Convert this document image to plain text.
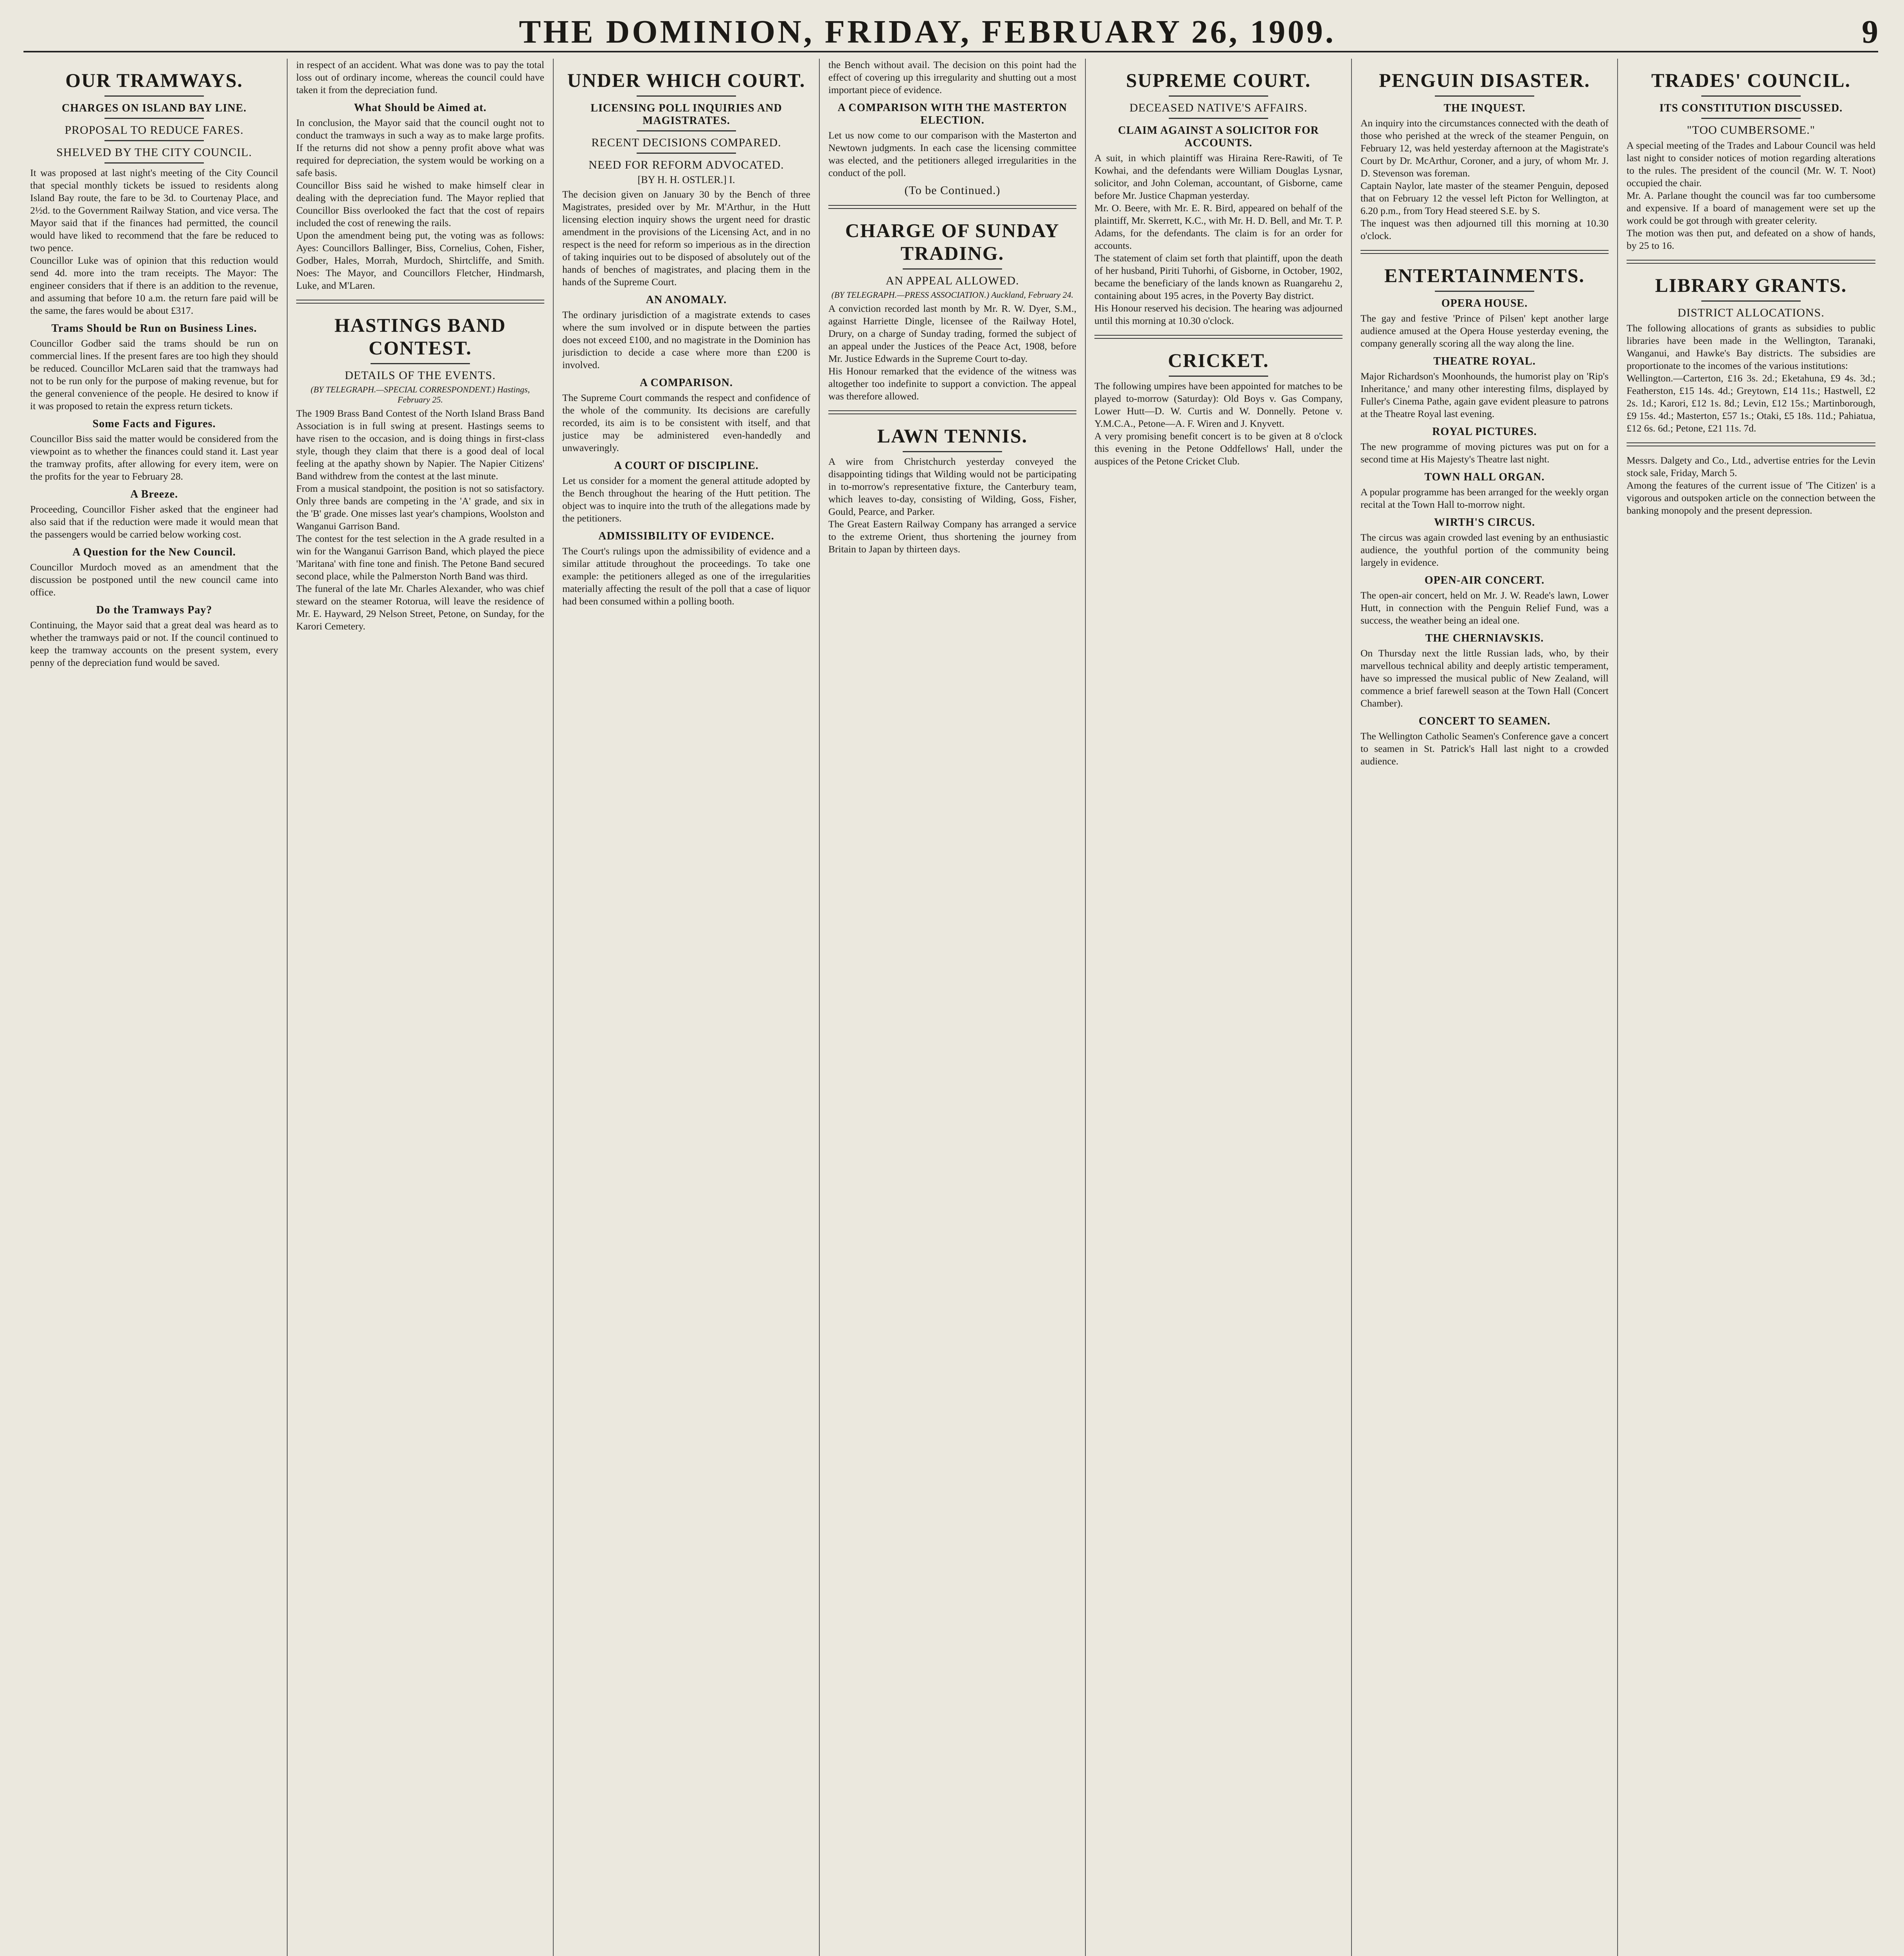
THE DOMINION, FRIDAY, FEBRUARY 26, 1909.	9
OUR TRAMWAYS.
CHARGES ON ISLAND BAY LINE.
PROPOSAL TO REDUCE FARES.
SHELVED BY THE CITY COUNCIL.

It was proposed at last night's meeting of the City Council that special monthly tickets be issued to residents along Island Bay route, the fare to be 3d. to Courtenay Place, and 2½d. to the Government Railway Station, and vice versa. The Mayor said that if the finances had permitted, the council would have liked to recommend that the fare be reduced to two pence.

Councillor Luke was of opinion that this reduction would send 4d. more into the tram receipts. The Mayor: The engineer considers that if there is an addition to the revenue, and assuming that before 10 a.m. the return fare paid will be the same, the fares would be about £317.

Trams Should be Run on Business Lines.

Councillor Godber said the trams should be run on commercial lines. If the present fares are too high they should be reduced. Councillor McLaren said that the tramways had not to be run only for the purpose of making revenue, but for the general convenience of the people. He desired to know if it was proposed to retain the express return tickets.

Some Facts and Figures.

Councillor Biss said the matter would be considered from the viewpoint as to whether the finances could stand it. Last year the tramway profits, after allowing for every item, were on the profits for the year to February 28.

A Breeze.

Proceeding, Councillor Fisher asked that the engineer had also said that if the reduction were made it would mean that the passengers would be carried below working cost.

A Question for the New Council.

Councillor Murdoch moved as an amendment that the discussion be postponed until the new council came into office.

Do the Tramways Pay?

Continuing, the Mayor said that a great deal was heard as to whether the tramways paid or not. If the council continued to keep the tramway accounts on the present system, every penny of the depreciation fund would be saved.

in respect of an accident. What was done was to pay the total loss out of ordinary income, whereas the council could have taken it from the depreciation fund.

What Should be Aimed at.

In conclusion, the Mayor said that the council ought not to conduct the tramways in such a way as to make large profits. If the returns did not show a penny profit above what was required for depreciation, the system would be working on a safe basis.

Councillor Biss said he wished to make himself clear in dealing with the depreciation fund. The Mayor replied that Councillor Biss overlooked the fact that the cost of repairs included the cost of renewing the rails.

Upon the amendment being put, the voting was as follows: Ayes: Councillors Ballinger, Biss, Cornelius, Cohen, Fisher, Godber, Hales, Morrah, Murdoch, Shirtcliffe, and Smith. Noes: The Mayor, and Councillors Fletcher, Hindmarsh, Luke, and M'Laren.

HASTINGS BAND CONTEST.
DETAILS OF THE EVENTS.
(BY TELEGRAPH.—SPECIAL CORRESPONDENT.) Hastings, February 25.

The 1909 Brass Band Contest of the North Island Brass Band Association is in full swing at present. Hastings seems to have risen to the occasion, and is doing things in first-class style, though they claim that there is a good deal of local feeling at the apathy shown by Napier. The Napier Citizens' Band withdrew from the contest at the last minute.

From a musical standpoint, the position is not so satisfactory. Only three bands are competing in the 'A' grade, and six in the 'B' grade. One misses last year's champions, Woolston and Wanganui Garrison Band.

The contest for the test selection in the A grade resulted in a win for the Wanganui Garrison Band, which played the piece 'Maritana' with fine tone and finish. The Petone Band secured second place, while the Palmerston North Band was third.

The funeral of the late Mr. Charles Alexander, who was chief steward on the steamer Rotorua, will leave the residence of Mr. E. Hayward, 29 Nelson Street, Petone, on Sunday, for the Karori Cemetery.

UNDER WHICH COURT.
LICENSING POLL INQUIRIES AND MAGISTRATES.
RECENT DECISIONS COMPARED.
NEED FOR REFORM ADVOCATED.
[BY H. H. OSTLER.] I.

The decision given on January 30 by the Bench of three Magistrates, presided over by Mr. M'Arthur, in the Hutt licensing election inquiry shows the urgent need for drastic amendment in the provisions of the Licensing Act, and in no respect is the need for reform so imperious as in the direction of taking inquiries out to be disposed of absolutely out of the hands of benches of magistrates, and placing them in the hands of the Supreme Court.

AN ANOMALY.

The ordinary jurisdiction of a magistrate extends to cases where the sum involved or in dispute between the parties does not exceed £100, and no magistrate in the Dominion has jurisdiction to decide a case where more than £200 is involved.

A COMPARISON.

The Supreme Court commands the respect and confidence of the whole of the community. Its decisions are carefully recorded, its aim is to be consistent with itself, and that justice may be administered even-handedly and unwaveringly.

A COURT OF DISCIPLINE.

Let us consider for a moment the general attitude adopted by the Bench throughout the hearing of the Hutt petition. The object was to inquire into the truth of the allegations made by the petitioners.

ADMISSIBILITY OF EVIDENCE.

The Court's rulings upon the admissibility of evidence and a similar attitude throughout the proceedings. To take one example: the petitioners alleged as one of the irregularities materially affecting the result of the poll that a case of liquor had been consumed within a polling booth.

the Bench without avail. The decision on this point had the effect of covering up this irregularity and shutting out a most important piece of evidence.

A COMPARISON WITH THE MASTERTON ELECTION.

Let us now come to our comparison with the Masterton and Newtown judgments. In each case the licensing committee was elected, and the petitioners alleged irregularities in the conduct of the poll.

(To be Continued.)
CHARGE OF SUNDAY TRADING.
AN APPEAL ALLOWED.
(BY TELEGRAPH.—PRESS ASSOCIATION.) Auckland, February 24.

A conviction recorded last month by Mr. R. W. Dyer, S.M., against Harriette Dingle, licensee of the Railway Hotel, Drury, on a charge of Sunday trading, formed the subject of an appeal under the Justices of the Peace Act, 1908, before Mr. Justice Edwards in the Supreme Court to-day.

His Honour remarked that the evidence of the witness was altogether too indefinite to support a conviction. The appeal was therefore allowed.

LAWN TENNIS.

A wire from Christchurch yesterday conveyed the disappointing tidings that Wilding would not be participating in to-morrow's representative fixture, the Canterbury team, which leaves to-day, consisting of Wilding, Goss, Fisher, Gould, Pearce, and Parker.

The Great Eastern Railway Company has arranged a service to the extreme Orient, thus shortening the journey from Britain to Japan by thirteen days.

SUPREME COURT.
DECEASED NATIVE'S AFFAIRS.
CLAIM AGAINST A SOLICITOR FOR ACCOUNTS.

A suit, in which plaintiff was Hiraina Rere-Rawiti, of Te Kowhai, and the defendants were William Douglas Lysnar, solicitor, and John Coleman, accountant, of Gisborne, came before Mr. Justice Chapman yesterday.

Mr. O. Beere, with Mr. E. R. Bird, appeared on behalf of the plaintiff, Mr. Skerrett, K.C., with Mr. H. D. Bell, and Mr. T. P. Adams, for the defendants. The claim is for an order for accounts.

The statement of claim set forth that plaintiff, upon the death of her husband, Piriti Tuhorhi, of Gisborne, in October, 1902, became the beneficiary of the lands known as Ruangarehu 2, containing about 195 acres, in the Poverty Bay district.

His Honour reserved his decision. The hearing was adjourned until this morning at 10.30 o'clock.

CRICKET.

The following umpires have been appointed for matches to be played to-morrow (Saturday): Old Boys v. Gas Company, Lower Hutt—D. W. Curtis and W. Donnelly. Petone v. Y.M.C.A., Petone—A. F. Wiren and J. Knyvett.

A very promising benefit concert is to be given at 8 o'clock this evening in the Petone Oddfellows' Hall, under the auspices of the Petone Cricket Club.

PENGUIN DISASTER.
THE INQUEST.

An inquiry into the circumstances connected with the death of those who perished at the wreck of the steamer Penguin, on February 12, was held yesterday afternoon at the Magistrate's Court by Dr. McArthur, Coroner, and a jury, of whom Mr. J. D. Stevenson was foreman.

Captain Naylor, late master of the steamer Penguin, deposed that on February 12 the vessel left Picton for Wellington, at 6.20 p.m., from Tory Head steered S.E. by S.

The inquest was then adjourned till this morning at 10.30 o'clock.

ENTERTAINMENTS.
OPERA HOUSE.

The gay and festive 'Prince of Pilsen' kept another large audience amused at the Opera House yesterday evening, the company generally scoring all the way along the line.

THEATRE ROYAL.

Major Richardson's Moonhounds, the humorist play on 'Rip's Inheritance,' and many other interesting films, displayed by Fuller's Cinema Pathe, again gave evident pleasure to patrons at the Theatre Royal last evening.

ROYAL PICTURES.

The new programme of moving pictures was put on for a second time at His Majesty's Theatre last night.

TOWN HALL ORGAN.

A popular programme has been arranged for the weekly organ recital at the Town Hall to-morrow night.

WIRTH'S CIRCUS.

The circus was again crowded last evening by an enthusiastic audience, the youthful portion of the community being largely in evidence.

OPEN-AIR CONCERT.

The open-air concert, held on Mr. J. W. Reade's lawn, Lower Hutt, in connection with the Penguin Relief Fund, was a success, the weather being an ideal one.

THE CHERNIAVSKIS.

On Thursday next the little Russian lads, who, by their marvellous technical ability and deeply artistic temperament, have so impressed the musical public of New Zealand, will commence a brief farewell season at the Town Hall (Concert Chamber).

CONCERT TO SEAMEN.

The Wellington Catholic Seamen's Conference gave a concert to seamen in St. Patrick's Hall last night to a crowded audience.

TRADES' COUNCIL.
ITS CONSTITUTION DISCUSSED.
"TOO CUMBERSOME."

A special meeting of the Trades and Labour Council was held last night to consider notices of motion regarding alterations to the rules. The president of the council (Mr. W. T. Noot) occupied the chair.

Mr. A. Parlane thought the council was far too cumbersome and expensive. If a board of management were set up the work could be got through with greater celerity.

The motion was then put, and defeated on a show of hands, by 25 to 16.

LIBRARY GRANTS.
DISTRICT ALLOCATIONS.

The following allocations of grants as subsidies to public libraries have been made in the Wellington, Taranaki, Wanganui, and Hawke's Bay districts. The subsidies are proportionate to the incomes of the various institutions:

Wellington.—Carterton, £16 3s. 2d.; Eketahuna, £9 4s. 3d.; Featherston, £15 14s. 4d.; Greytown, £14 11s.; Hastwell, £2 2s. 1d.; Karori, £12 1s. 8d.; Levin, £12 15s.; Martinborough, £9 15s. 4d.; Masterton, £57 1s.; Otaki, £5 18s. 11d.; Pahiatua, £12 6s. 6d.; Petone, £21 11s. 7d.

Messrs. Dalgety and Co., Ltd., advertise entries for the Levin stock sale, Friday, March 5.

Among the features of the current issue of 'The Citizen' is a vigorous and outspoken article on the connection between the banking monopoly and the present depression.
